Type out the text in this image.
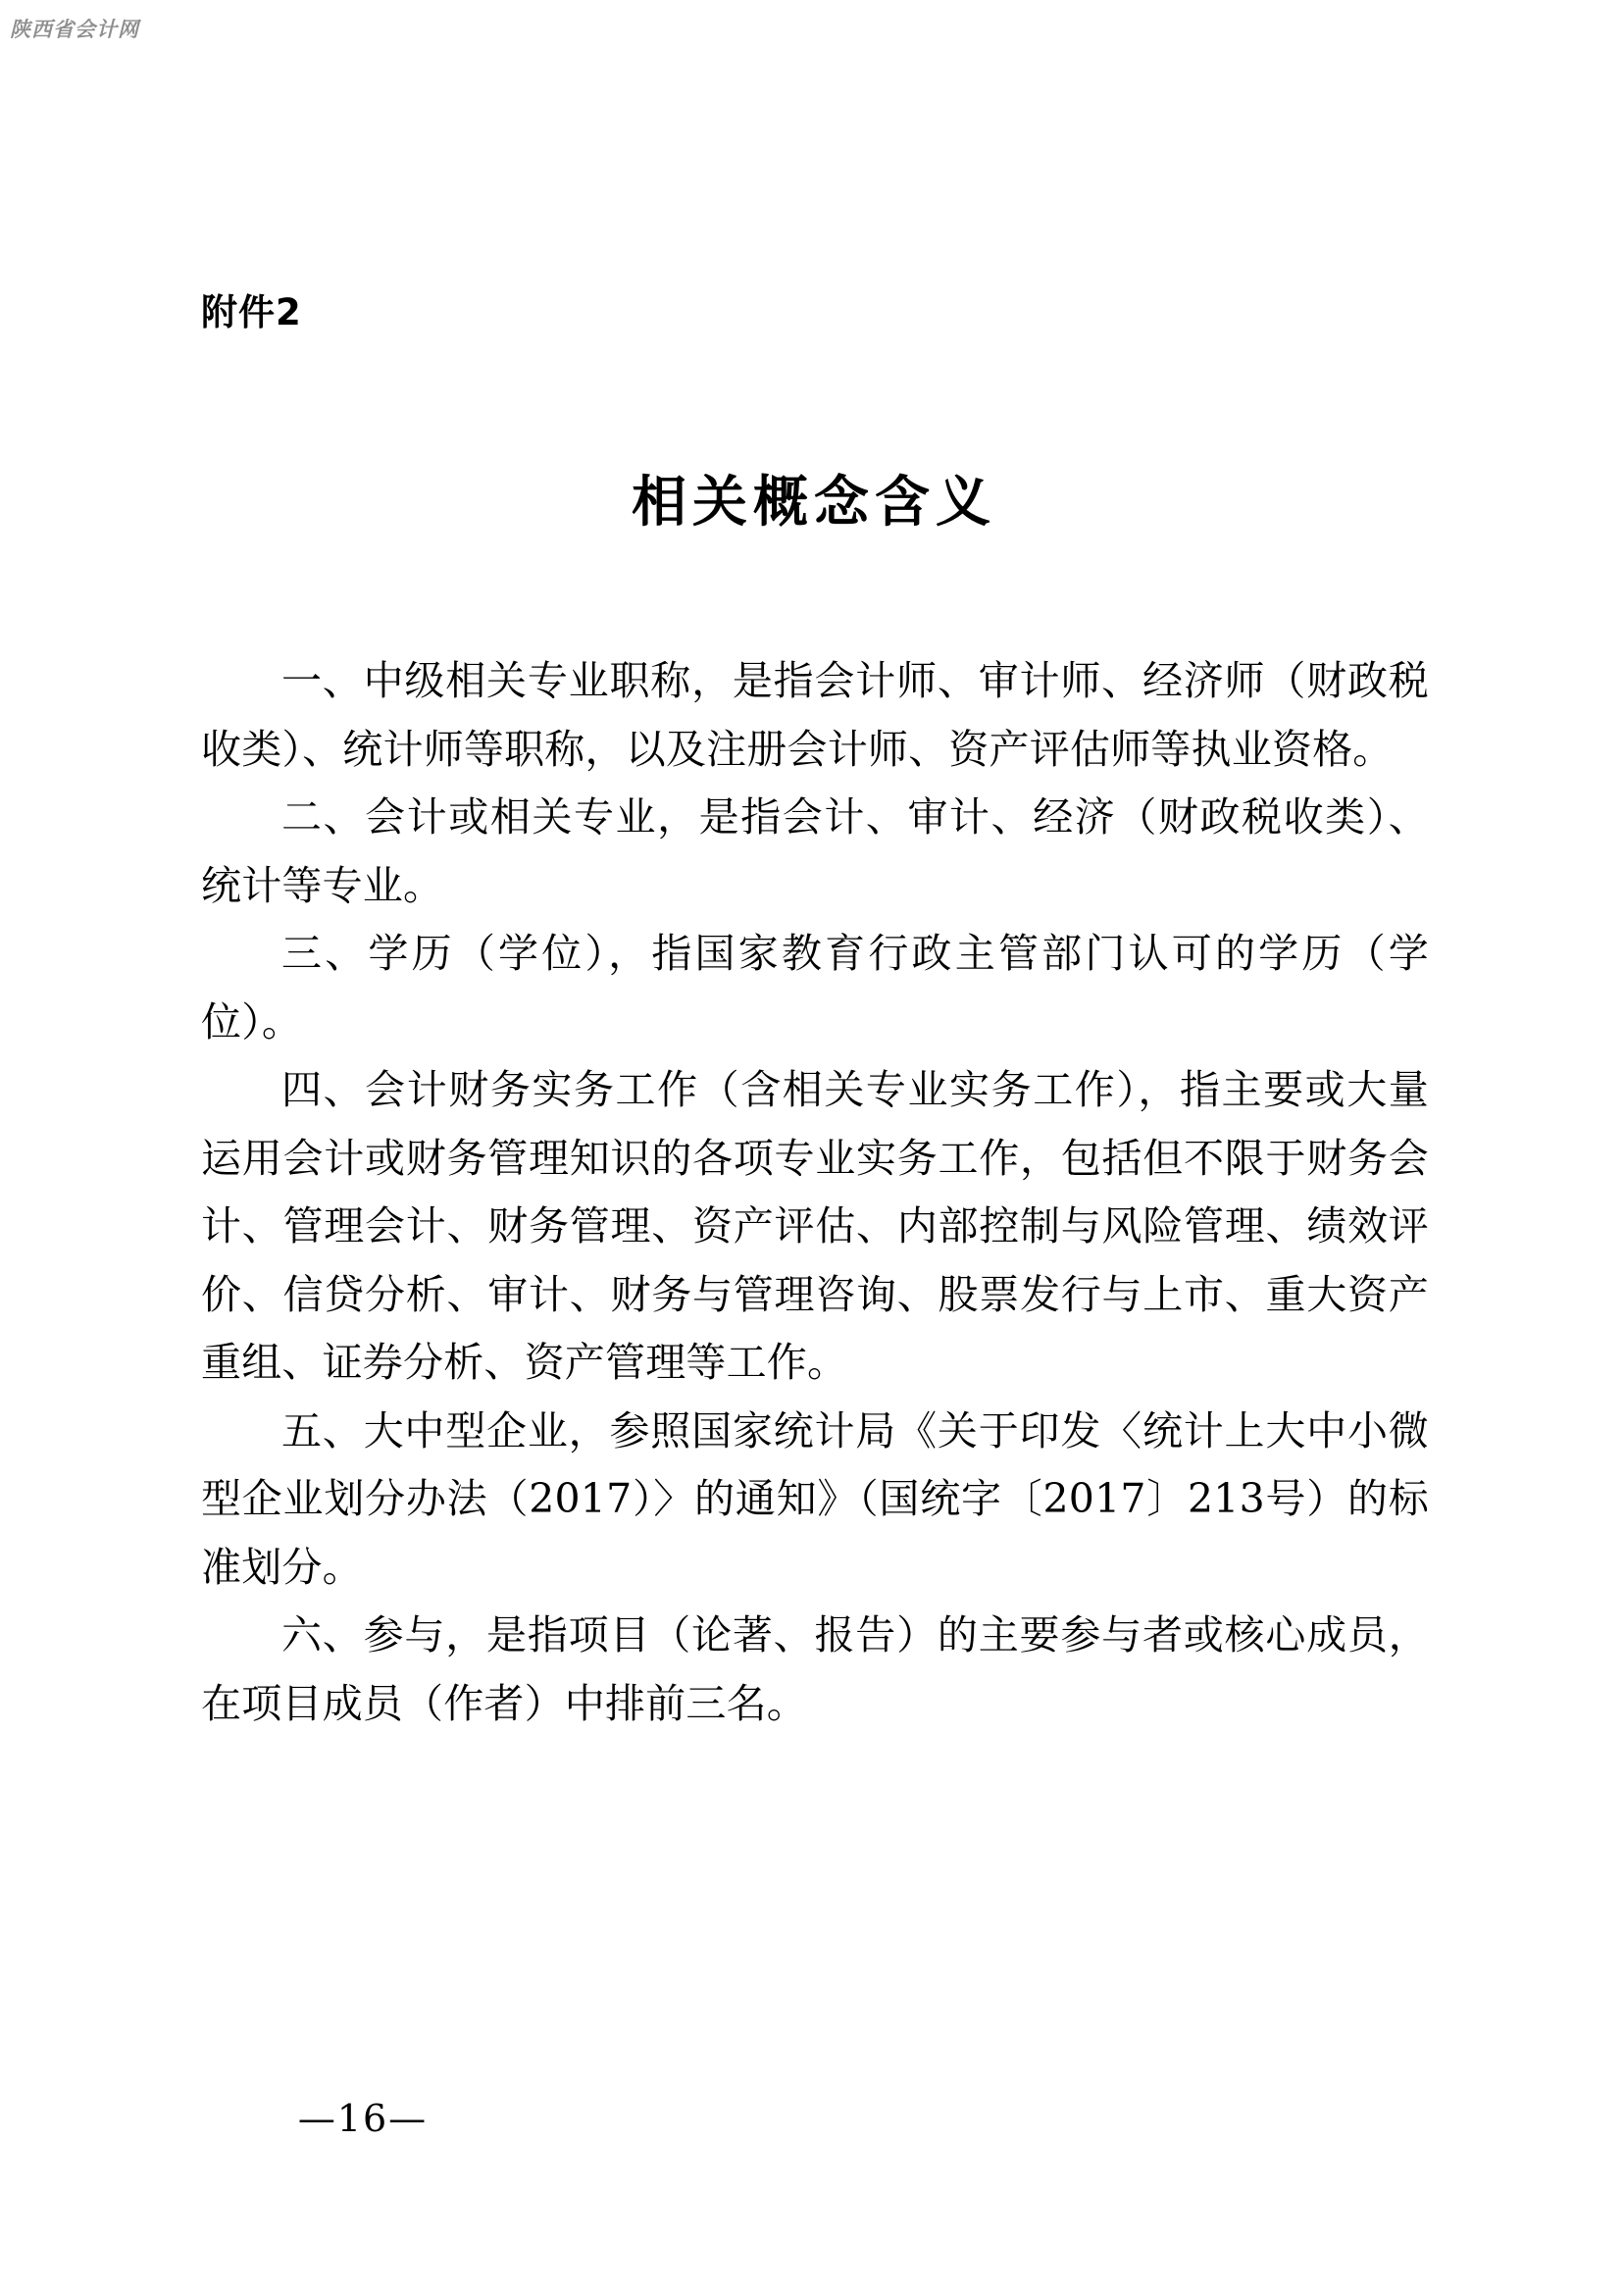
陕西省会计网
附件2
相关概念含义

一、中级相关专业职称，是指会计师、审计师、经济师（财政税收类）、统计师等职称，以及注册会计师、资产评估师等执业资格。

二、会计或相关专业，是指会计、审计、经济（财政税收类）、统计等专业。

三、学历（学位），指国家教育行政主管部门认可的学历（学位）。

四、会计财务实务工作（含相关专业实务工作），指主要或大量运用会计或财务管理知识的各项专业实务工作，包括但不限于财务会计、管理会计、财务管理、资产评估、内部控制与风险管理、绩效评价、信贷分析、审计、财务与管理咨询、股票发行与上市、重大资产重组、证券分析、资产管理等工作。

五、大中型企业，参照国家统计局《关于印发〈统计上大中小微型企业划分办法（2017）〉的通知》（国统字〔2017〕213号）的标准划分。

六、参与，是指项目（论著、报告）的主要参与者或核心成员，在项目成员（作者）中排前三名。

—16—
